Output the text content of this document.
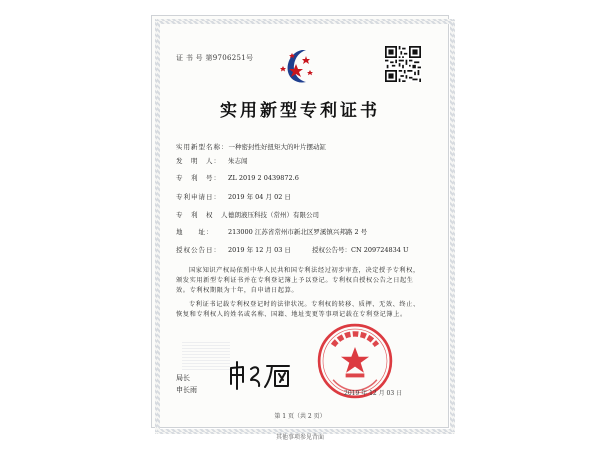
证 书 号 第9706251号
实用新型专利证书
实用新型名称：一种密封性好扭矩大的叶片摆动缸
发　明　人： 朱志闯
专　利　号： ZL 2019 2 0439872.6
专利申请日： 2019 年 04 月 02 日
专　利　权　人：德朗液压科技（常州）有限公司
地　　址： 213000 江苏省常州市新北区罗溪镇兴邦路 2 号
授权公告日： 2019 年 12 月 03 日	授权公告号：CN 209724834 U
国家知识产权局依照中华人民共和国专利法经过初步审查，决定授予专利权，颁发实用新型专利证书并在专利登记簿上予以登记。专利权自授权公告之日起生效。专利权期限为十年，自申请日起算。
专利证书记载专利权登记时的法律状况。专利权的转移、质押、无效、终止、恢复和专利权人的姓名或名称、国籍、地址变更等事项记载在专利登记簿上。
局长
申长雨	2019 年 12 月 03 日
第 1 页（共 2 页）
其他事项参见背面
